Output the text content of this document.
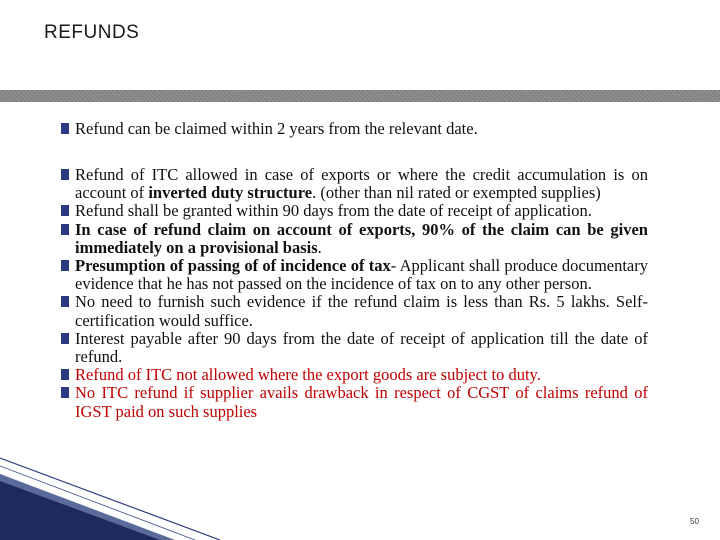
REFUNDS
Refund can be claimed within 2 years from the relevant date.
Refund of ITC allowed in case of exports or where the credit accumulation is on account of inverted duty structure. (other than nil rated or exempted supplies)
Refund shall be granted within 90 days from the date of receipt of application.
In case of refund claim on account of exports, 90% of the claim can be given immediately on a provisional basis.
Presumption of passing of of incidence of tax- Applicant shall produce documentary evidence that he has not passed on the incidence of tax on to any other person.
No need to furnish such evidence if the refund claim is less than Rs. 5 lakhs. Self-certification would suffice.
Interest payable after 90 days from the date of receipt of application till the date of refund.
Refund of ITC not allowed where the export goods are subject to duty.
No ITC refund if supplier avails drawback in respect of CGST of claims refund of IGST paid on such supplies
50
